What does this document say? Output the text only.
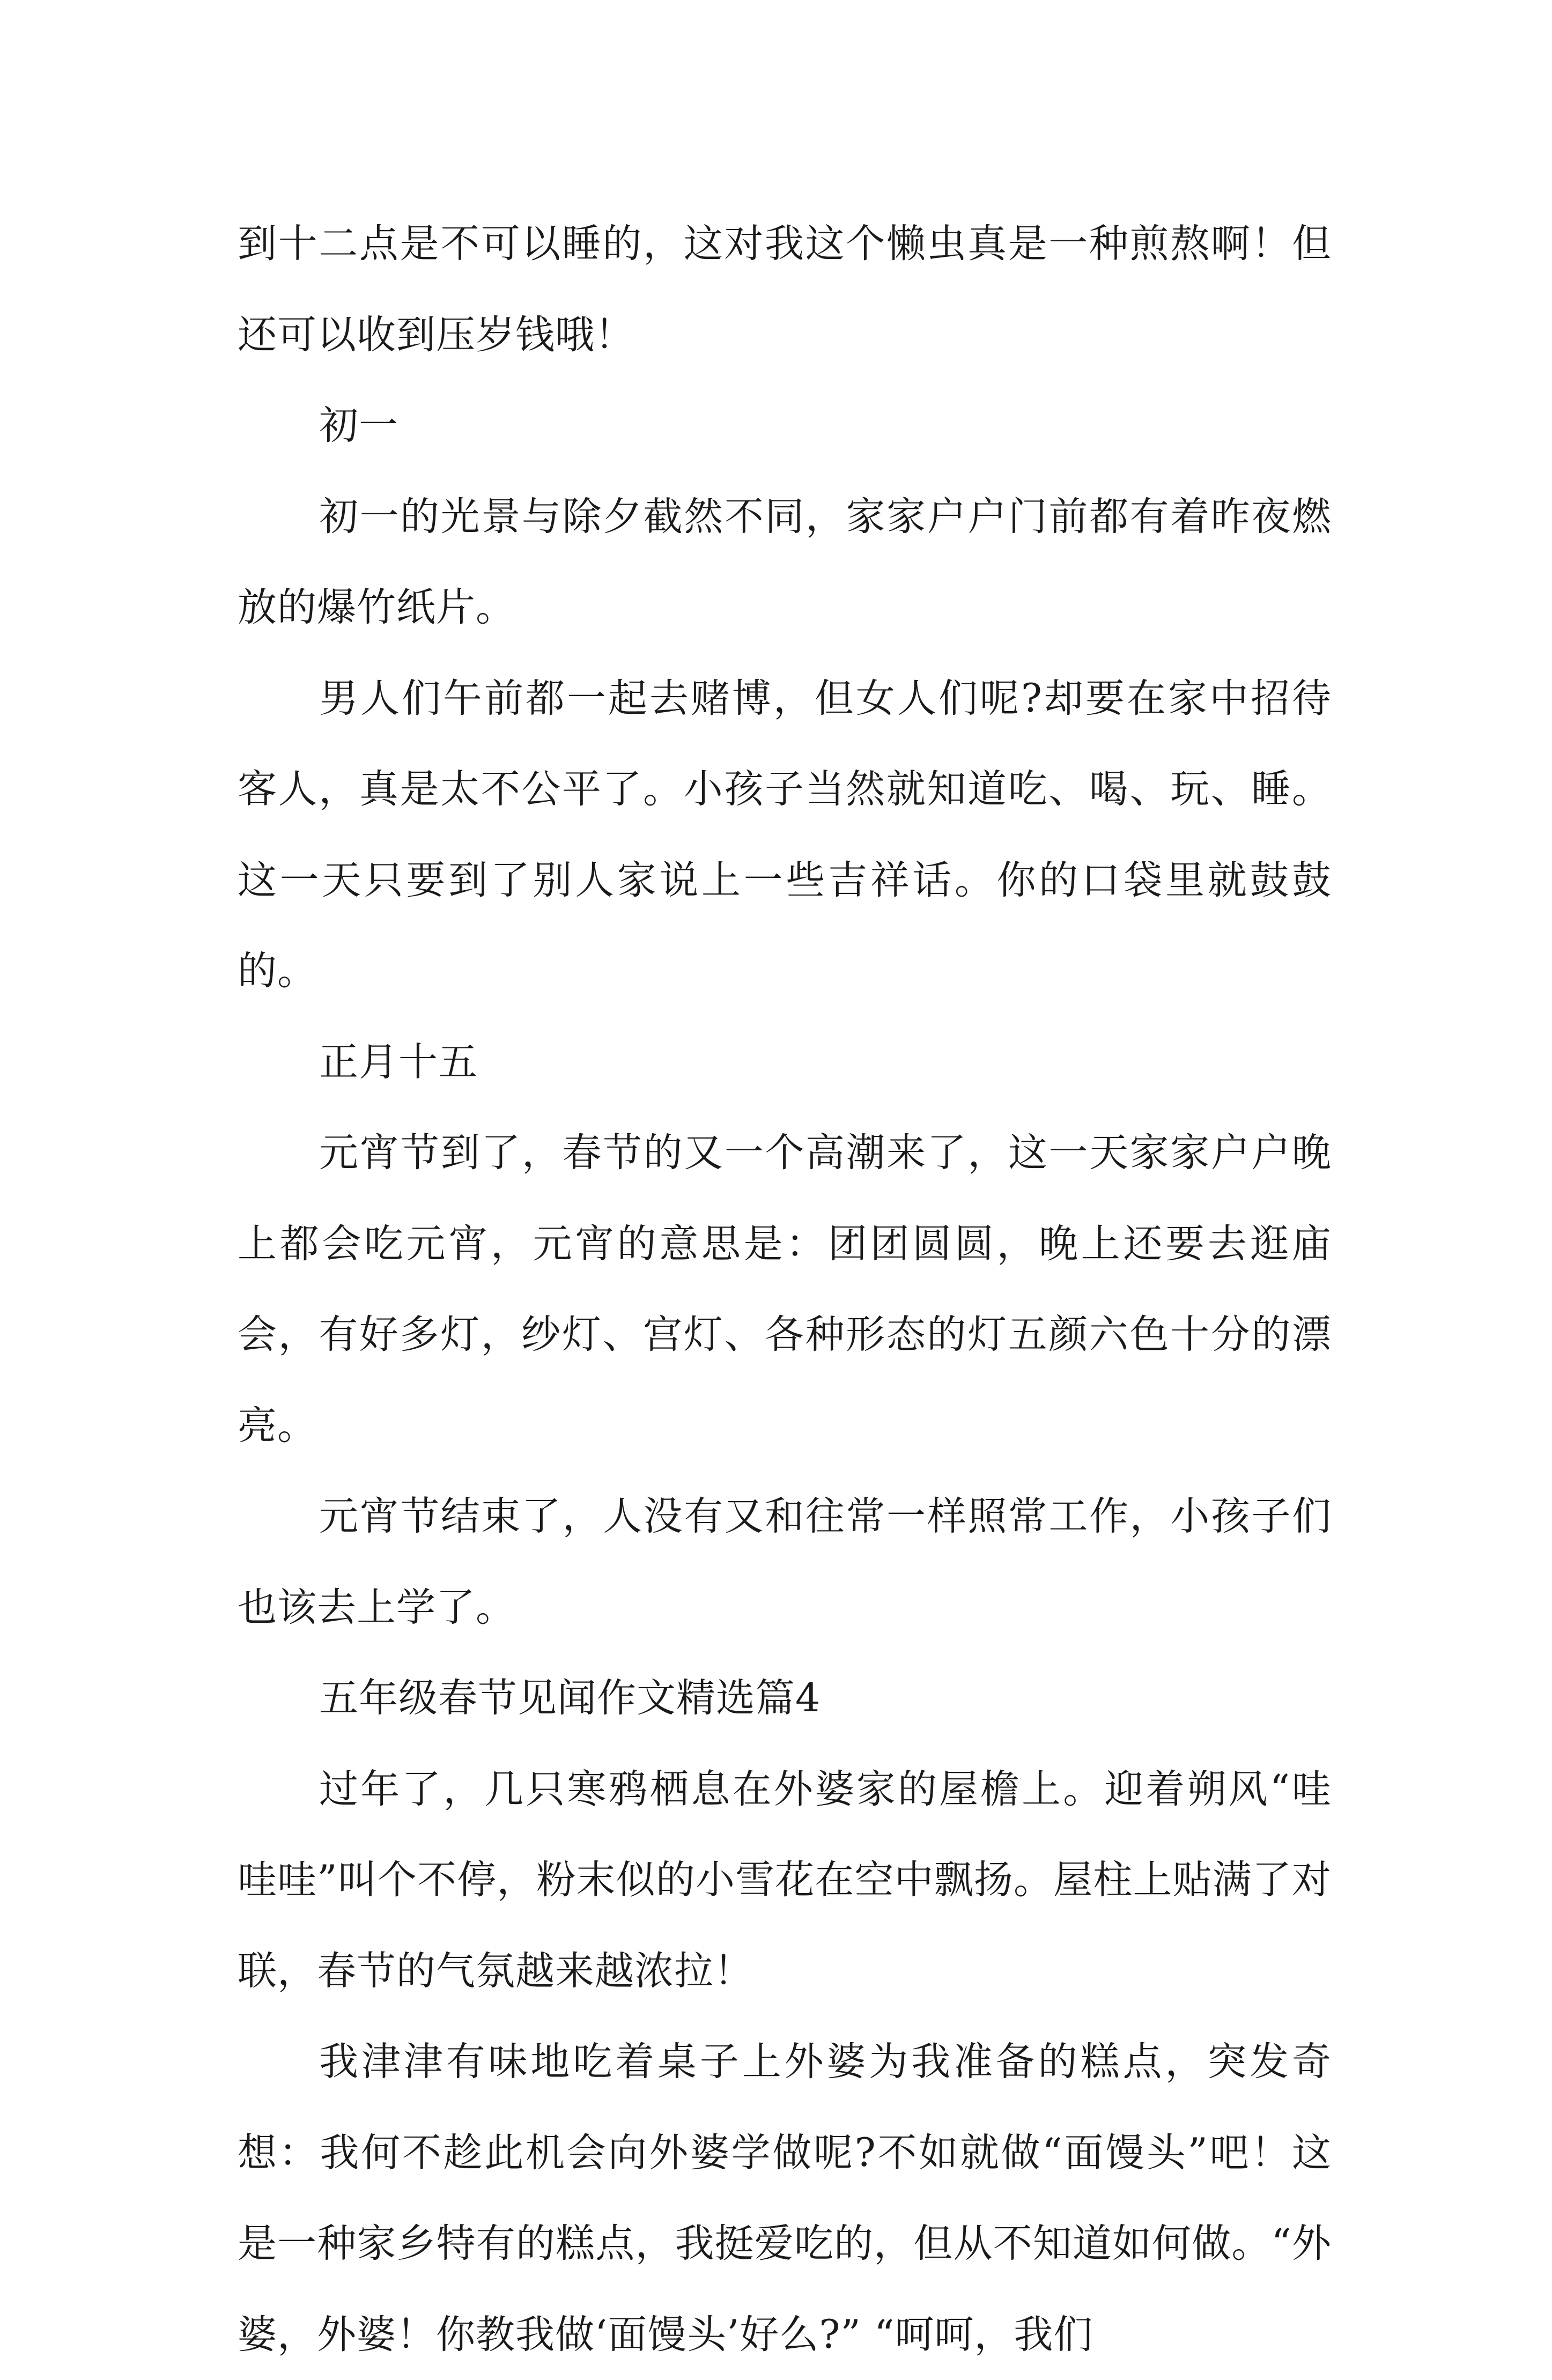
到十二点是不可以睡的，这对我这个懒虫真是一种煎熬啊！但还可以收到压岁钱哦！

初一

初一的光景与除夕截然不同，家家户户门前都有着昨夜燃放的爆竹纸片。

男人们午前都一起去赌博，但女人们呢?却要在家中招待客人，真是太不公平了。小孩子当然就知道吃、喝、玩、睡。这一天只要到了别人家说上一些吉祥话。你的口袋里就鼓鼓的。

正月十五

元宵节到了，春节的又一个高潮来了，这一天家家户户晚上都会吃元宵，元宵的意思是：团团圆圆，晚上还要去逛庙会，有好多灯，纱灯、宫灯、各种形态的灯五颜六色十分的漂亮。

元宵节结束了，人没有又和往常一样照常工作，小孩子们也该去上学了。

五年级春节见闻作文精选篇4

过年了，几只寒鸦栖息在外婆家的屋檐上。迎着朔风“哇哇哇”叫个不停，粉末似的小雪花在空中飘扬。屋柱上贴满了对联，春节的气氛越来越浓拉！

我津津有味地吃着桌子上外婆为我准备的糕点，突发奇想：我何不趁此机会向外婆学做呢?不如就做“面馒头”吧！这是一种家乡特有的糕点，我挺爱吃的，但从不知道如何做。“外婆，外婆！你教我做‘面馒头’好么?” “呵呵，我们
